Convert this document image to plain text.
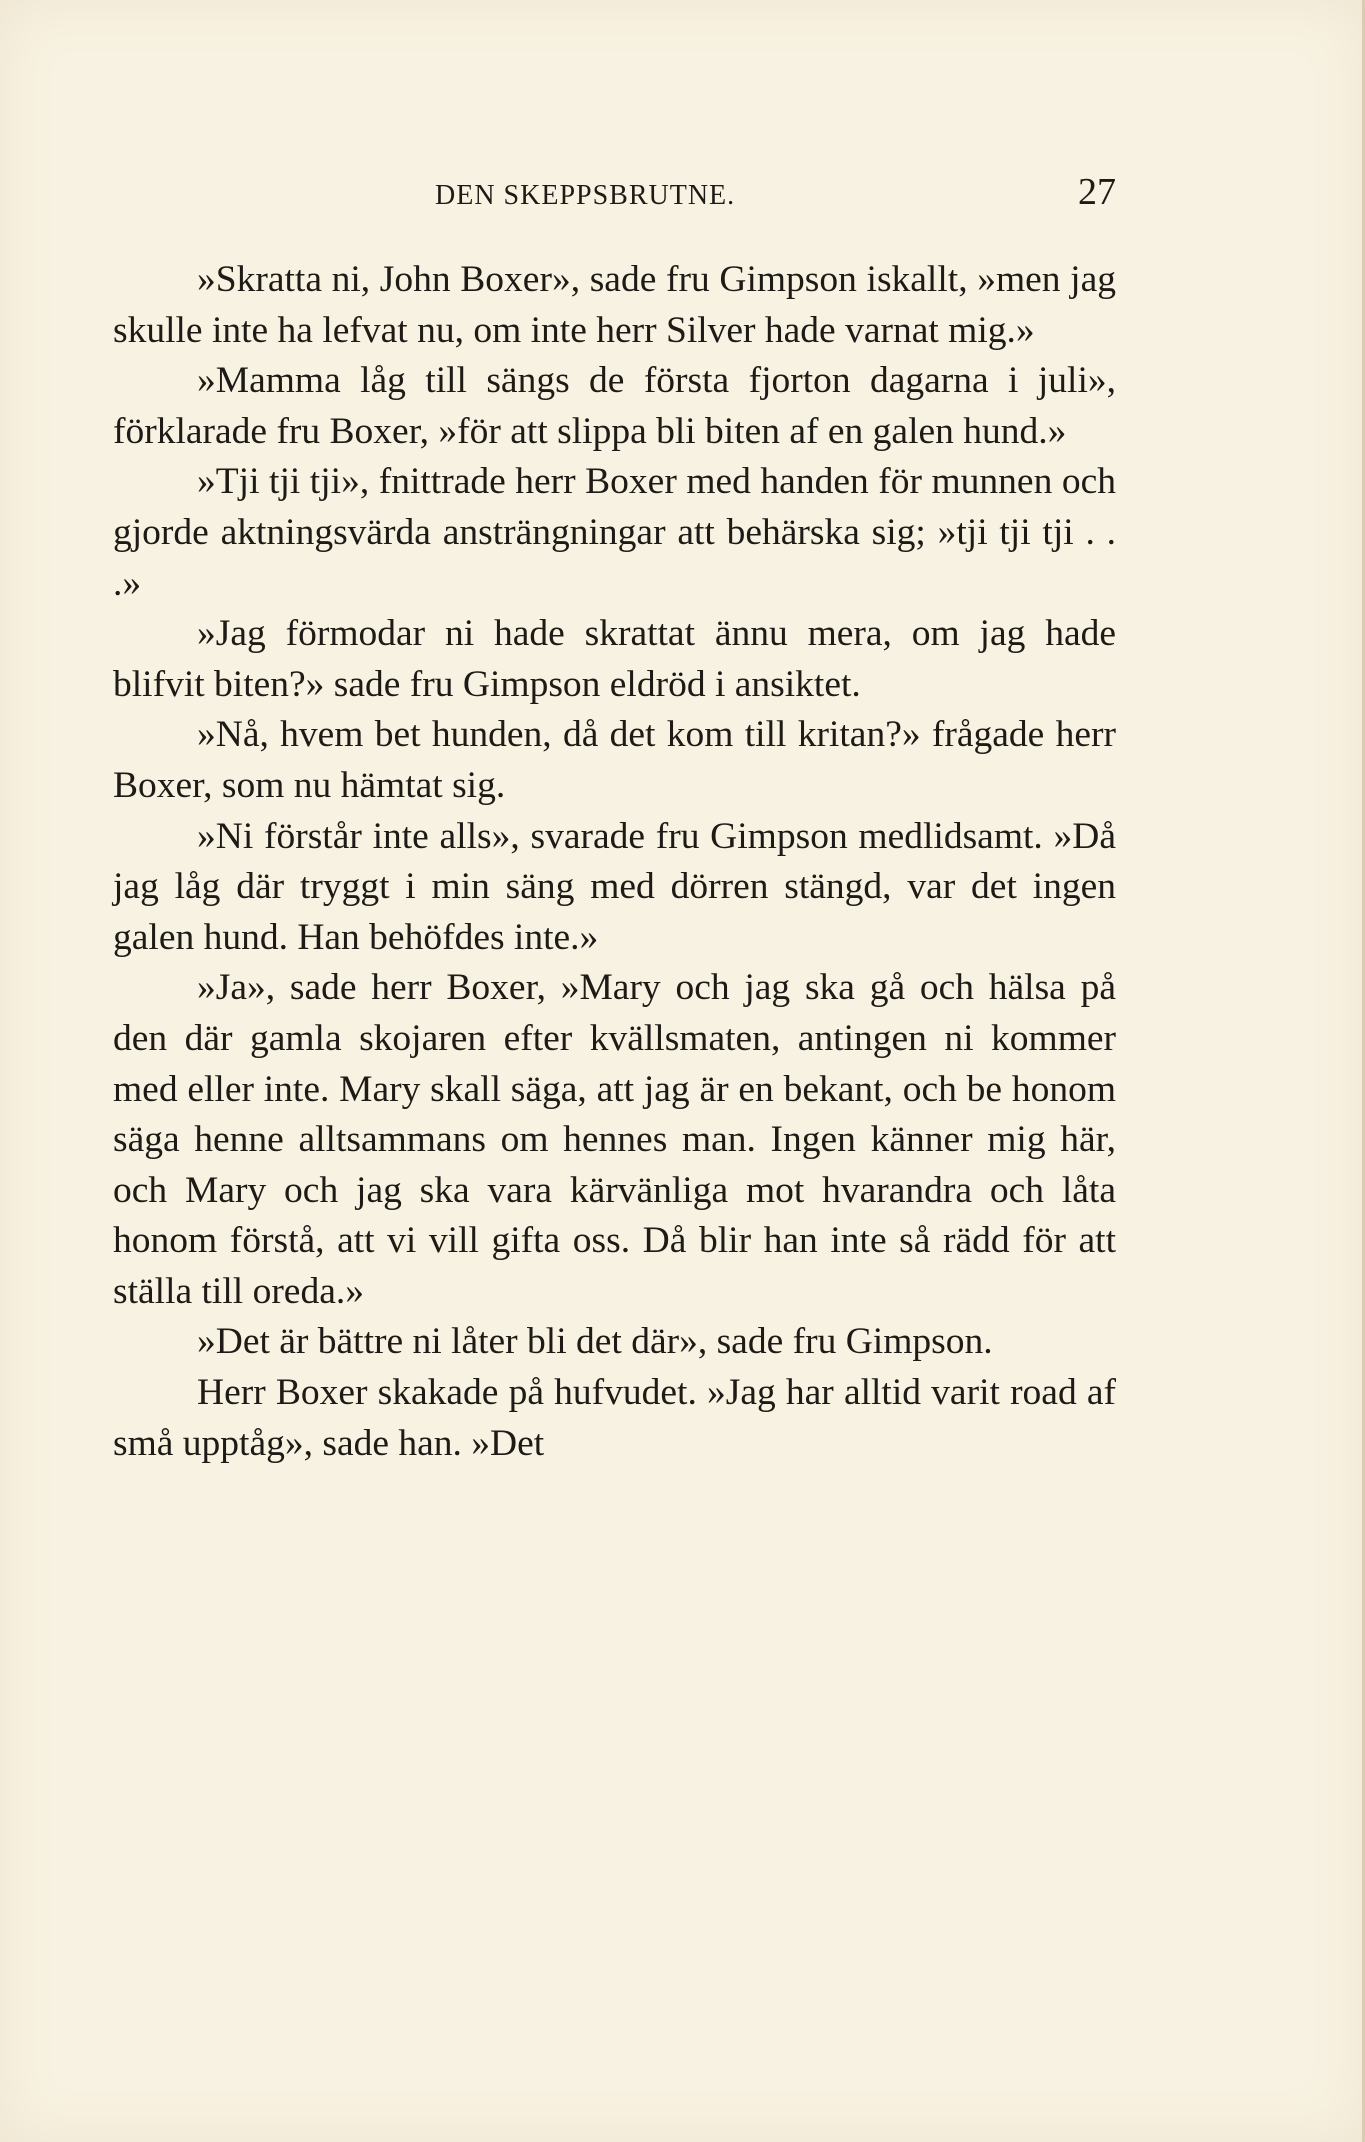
DEN SKEPPSBRUTNE.	27

»Skratta ni, John Boxer», sade fru Gimpson iskallt, »men jag skulle inte ha lefvat nu, om inte herr Silver hade varnat mig.»

»Mamma låg till sängs de första fjorton dagarna i juli», förklarade fru Boxer, »för att slippa bli biten af en galen hund.»

»Tji tji tji», fnittrade herr Boxer med handen för munnen och gjorde aktningsvärda ansträngningar att behärska sig; »tji tji tji . . .»

»Jag förmodar ni hade skrattat ännu mera, om jag hade blifvit biten?» sade fru Gimpson eldröd i ansiktet.

»Nå, hvem bet hunden, då det kom till kritan?» frågade herr Boxer, som nu hämtat sig.

»Ni förstår inte alls», svarade fru Gimpson medlidsamt. »Då jag låg där tryggt i min säng med dörren stängd, var det ingen galen hund. Han behöfdes inte.»

»Ja», sade herr Boxer, »Mary och jag ska gå och hälsa på den där gamla skojaren efter kvällsmaten, antingen ni kommer med eller inte. Mary skall säga, att jag är en bekant, och be honom säga henne alltsammans om hennes man. Ingen känner mig här, och Mary och jag ska vara kärvänliga mot hvarandra och låta honom förstå, att vi vill gifta oss. Då blir han inte så rädd för att ställa till oreda.»

»Det är bättre ni låter bli det där», sade fru Gimpson.

Herr Boxer skakade på hufvudet. »Jag har alltid varit road af små upptåg», sade han. »Det
